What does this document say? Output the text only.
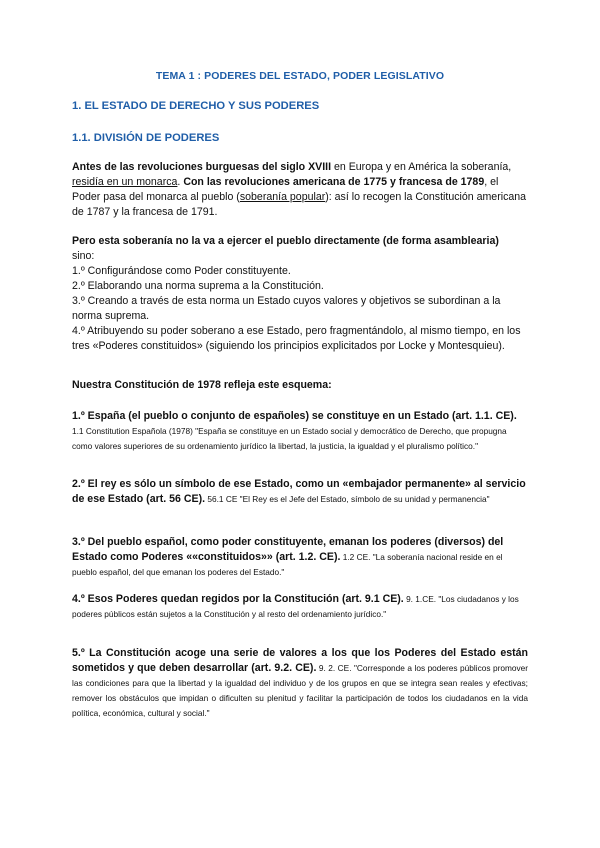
TEMA 1 : PODERES DEL ESTADO, PODER LEGISLATIVO
1. EL ESTADO DE DERECHO Y SUS PODERES
1.1. DIVISIÓN DE PODERES
Antes de las revoluciones burguesas del siglo XVIII en Europa y en América la soberanía, residía en un monarca. Con las revoluciones americana de 1775 y francesa de 1789, el Poder pasa del monarca al pueblo (soberanía popular): así lo recogen la Constitución americana de 1787 y la francesa de 1791.
Pero esta soberanía no la va a ejercer el pueblo directamente (de forma asamblearia)
sino:
1.º Configurándose como Poder constituyente.
2.º Elaborando una norma suprema a la Constitución.
3.º Creando a través de esta norma un Estado cuyos valores y objetivos se subordinan a la norma suprema.
4.º Atribuyendo su poder soberano a ese Estado, pero fragmentándolo, al mismo tiempo, en los tres «Poderes constituidos» (siguiendo los principios explicitados por Locke y Montesquieu).
Nuestra Constitución de 1978 refleja este esquema:
1.º España (el pueblo o conjunto de españoles) se constituye en un Estado (art. 1.1. CE). 1.1 Constitution Española (1978) "España se constituye en un Estado social y democrático de Derecho, que propugna como valores superiores de su ordenamiento jurídico la libertad, la justicia, la igualdad y el pluralismo político."
2.º El rey es sólo un símbolo de ese Estado, como un «embajador permanente» al servicio de ese Estado (art. 56 CE). 56.1 CE "El Rey es el Jefe del Estado, símbolo de su unidad y permanencia"
3.º Del pueblo español, como poder constituyente, emanan los poderes (diversos) del Estado como Poderes ««constituidos»» (art. 1.2. CE). 1.2 CE. "La soberanía nacional reside en el pueblo español, del que emanan los poderes del Estado."
4.º Esos Poderes quedan regidos por la Constitución (art. 9.1 CE). 9. 1.CE. "Los ciudadanos y los poderes públicos están sujetos a la Constitución y al resto del ordenamiento jurídico."
5.º La Constitución acoge una serie de valores a los que los Poderes del Estado están sometidos y que deben desarrollar (art. 9.2. CE). 9. 2. CE. "Corresponde a los poderes públicos promover las condiciones para que la libertad y la igualdad del individuo y de los grupos en que se integra sean reales y efectivas; remover los obstáculos que impidan o dificulten su plenitud y facilitar la participación de todos los ciudadanos en la vida política, económica, cultural y social."
